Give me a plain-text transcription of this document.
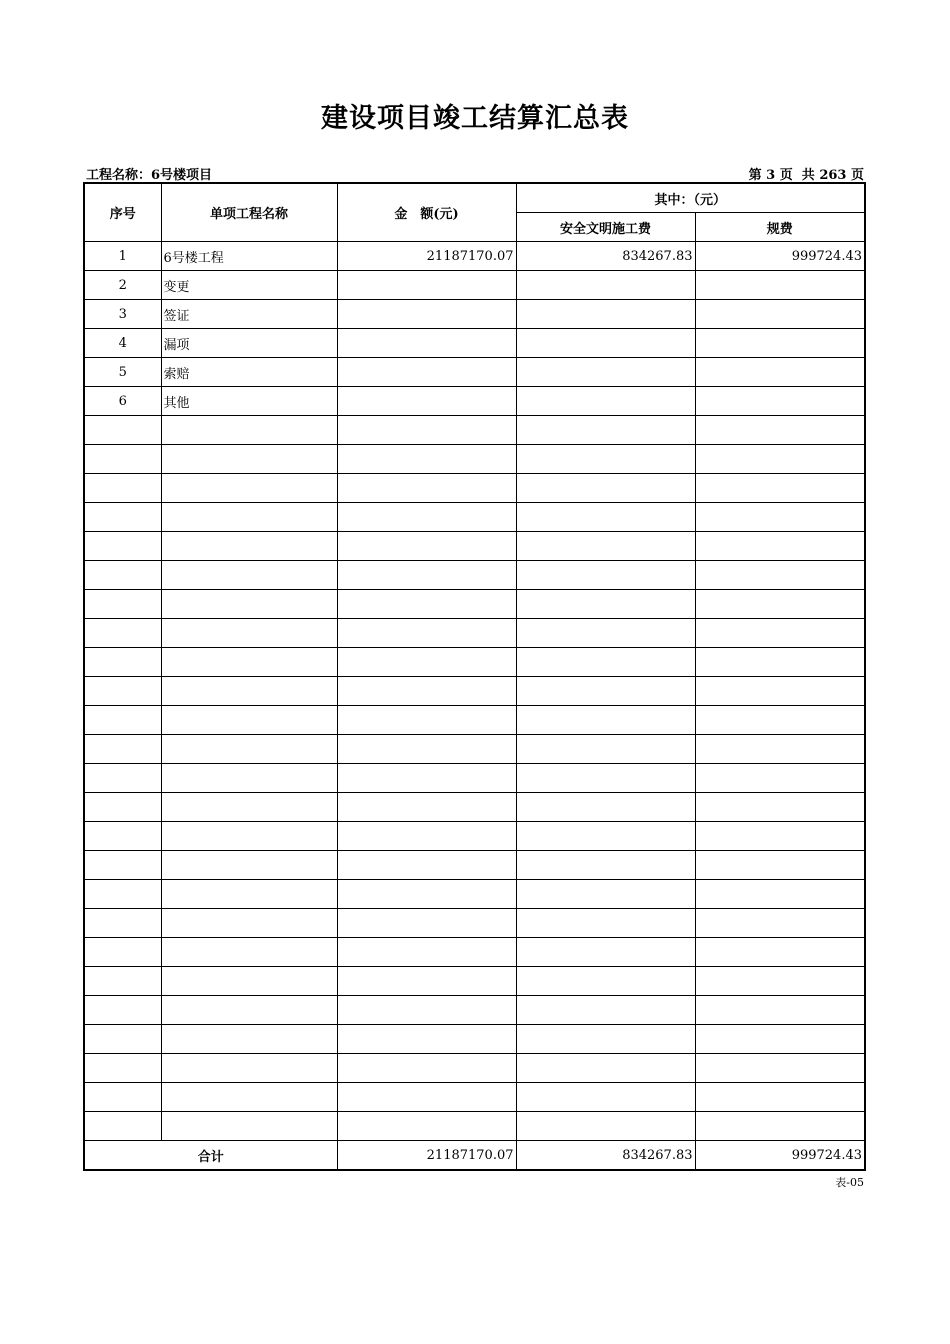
建设项目竣工结算汇总表
工程名称：6号楼项目	第 3 页  共 263 页
序号	单项工程名称	金　额(元)	其中：（元）	
			安全文明施工费	规费
1	6号楼工程	21187170.07	834267.83	999724.43
2	变更			
3	签证			
4	漏项			
5	索赔			
6	其他			

合计		21187170.07	834267.83	999724.43
表-05
